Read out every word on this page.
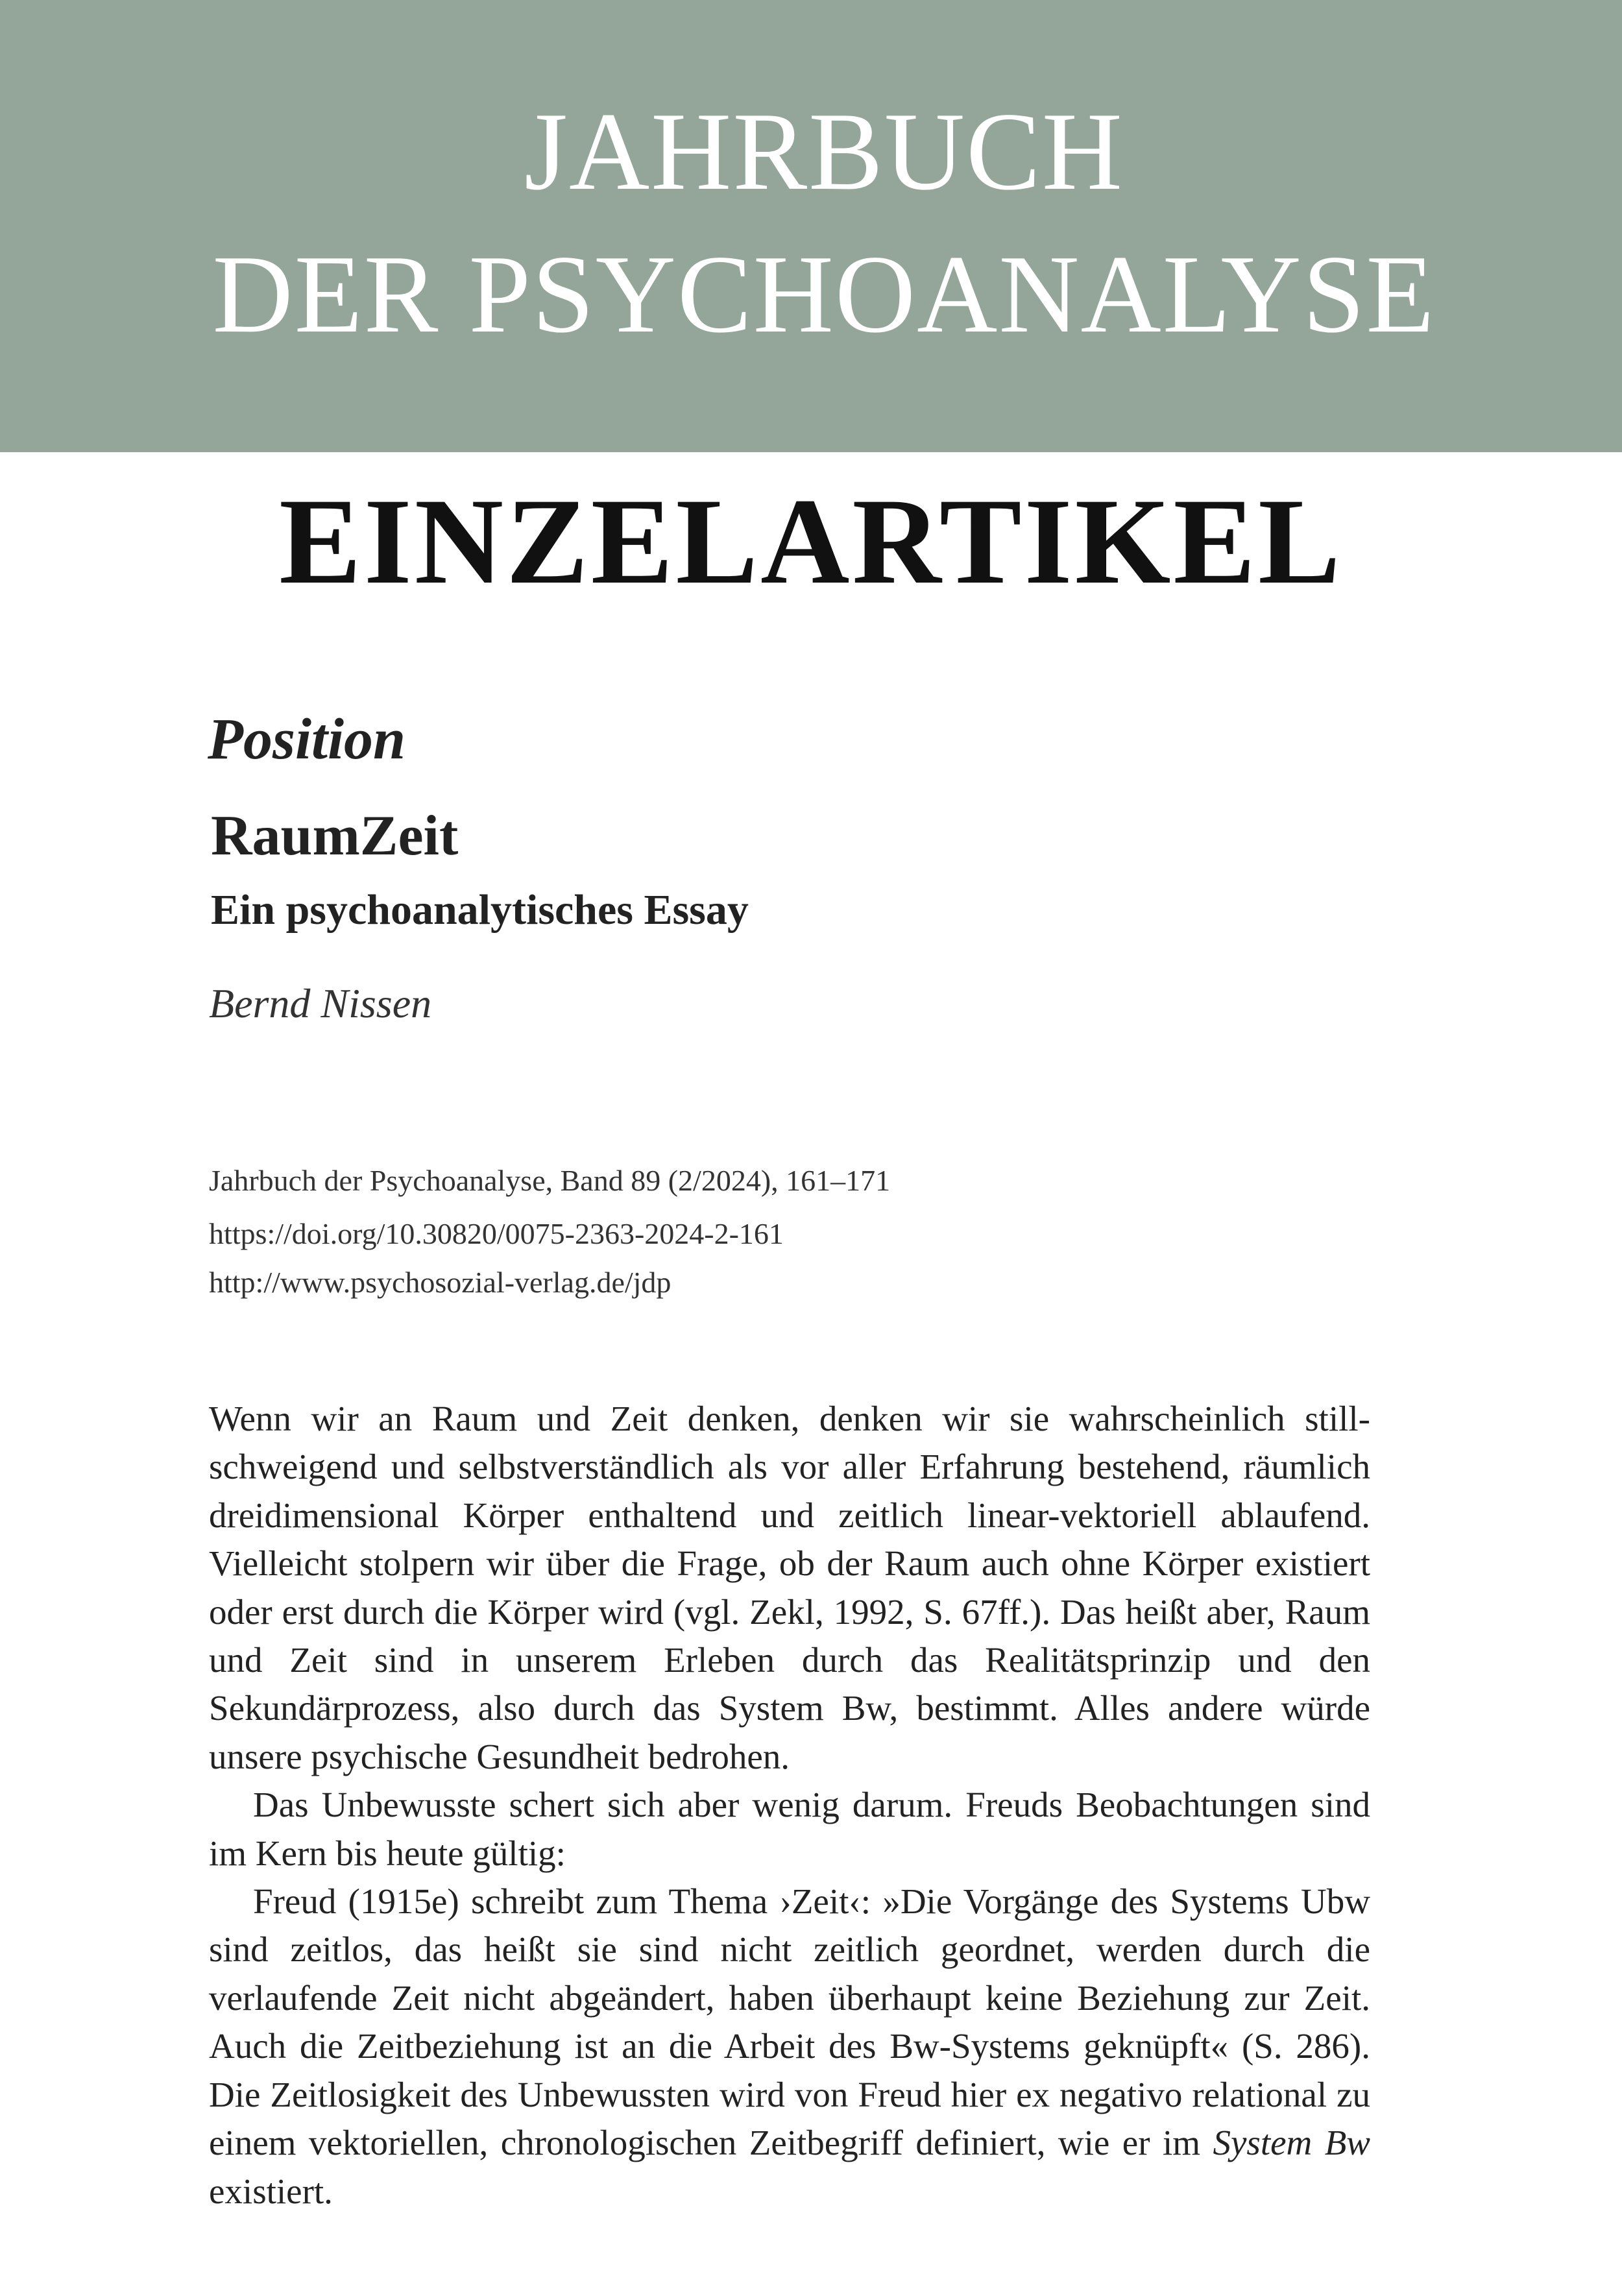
JAHRBUCH
DER PSYCHOANALYSE
EINZELARTIKEL
Position
RaumZeit
Ein psychoanalytisches Essay
Bernd Nissen
Jahrbuch der Psychoanalyse, Band 89 (2/2024), 161–171
https://doi.org/10.30820/0075-2363-2024-2-161
http://www.psychosozial-verlag.de/jdp

Wenn wir an Raum und Zeit denken, denken wir sie wahrscheinlich stillschweigend und selbstverständlich als vor aller Erfahrung bestehend, räumlich dreidimensional Körper enthaltend und zeitlich linear-vektoriell ablaufend. Vielleicht stolpern wir über die Frage, ob der Raum auch ohne Körper existiert oder erst durch die Körper wird (vgl. Zekl, 1992, S. 67ff.). Das heißt aber, Raum und Zeit sind in unserem Erleben durch das Realitätsprinzip und den Sekundärprozess, also durch das System Bw, bestimmt. Alles andere würde unsere psychische Gesundheit bedrohen.

Das Unbewusste schert sich aber wenig darum. Freuds Beobachtungen sind im Kern bis heute gültig:

Freud (1915e) schreibt zum Thema ›Zeit‹: »Die Vorgänge des Systems Ubw sind zeitlos, das heißt sie sind nicht zeitlich geordnet, werden durch die verlaufende Zeit nicht abgeändert, haben überhaupt keine Beziehung zur Zeit. Auch die Zeitbeziehung ist an die Arbeit des Bw-Systems geknüpft« (S. 286). Die Zeitlosigkeit des Unbewussten wird von Freud hier ex negativo relational zu einem vektoriellen, chronologischen Zeitbegriff definiert, wie er im System Bw existiert.
